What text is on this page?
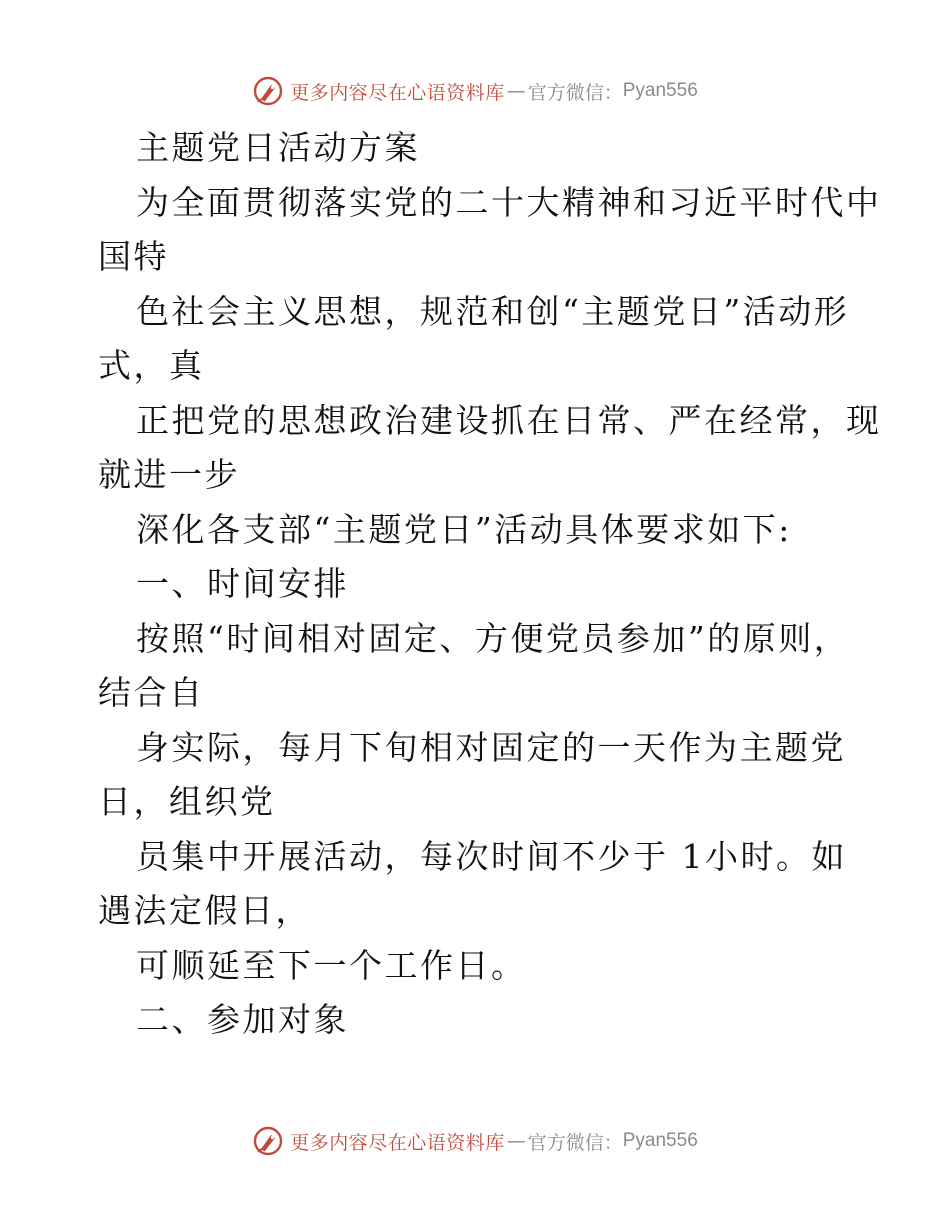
更多内容尽在心语资料库 — 官方微信： Pyan556

主题党日活动方案

为全面贯彻落实党的二十大精神和习近平时代中

国特

色社会主义思想，规范和创“主题党日”活动形

式，真

正把党的思想政治建设抓在日常、严在经常，现

就进一步

深化各支部“主题党日”活动具体要求如下:

一、时间安排

按照“时间相对固定、方便党员参加”的原则，

结合自

身实际，每月下旬相对固定的一天作为主题党

日，组织党

员集中开展活动，每次时间不少于 1小时。如

遇法定假日，

可顺延至下一个工作日。

二、参加对象

更多内容尽在心语资料库 — 官方微信： Pyan556
